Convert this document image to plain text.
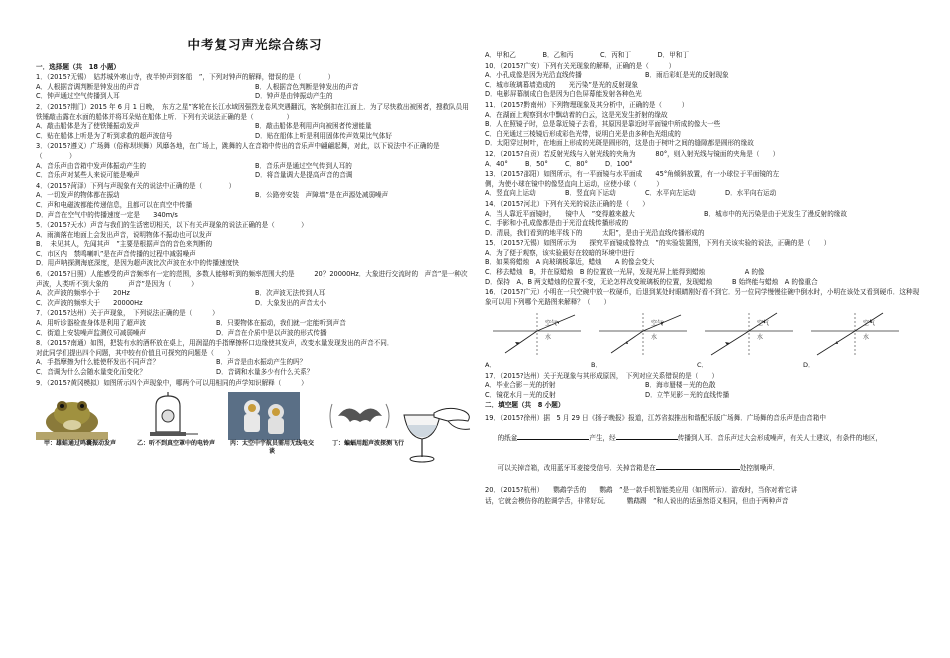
中考复习声光综合练习
一．选择题（共　18 小题）
1．（2015?无锡）　姑苏城外寒山寺，夜半钟声到客船　”，下列对钟声的解释，错误的是（　　　　）
A．人根据音调判断是钟发出的声音	B．人根据音色判断是钟发出的声音
C．钟声通过空气传播到人耳	D．钟声是由钟振动产生的
2．（2015?荆门）2015 年 6 月 1 日晚，　东方之星”客轮在长江水域因强烈龙卷风突遇翻沉，客轮倒扣在江面上．为了尽快救出被困者，搜救队员用铁锤敲击露在水面的船体并将耳朵贴在船体上听．下列有关说法正确的是（　　　　　）
A．敲击船体是为了使铁锤振动发声	B．敲击船体是利用声向被困者传递能量
C．贴在船体上听是为了听到求救的超声波信号	D．贴在船体上听是利用固体传声效果比气体好
3．（2015?遵义）广场舞（俗称坝坝舞）风靡各地，在广场上，跳舞的人在音箱中传出的音乐声中翩翩起舞，对此，以下说法中不正确的是（　　　　）
A．音乐声由音箱中发声体振动产生的	B．音乐声是通过空气传到人耳的
C．音乐声对某些人来说可能是噪声	D．将音量调大是提高声音的音调
4．（2015?菏泽）下列与声现象有关的说法中正确的是（　　　　）
A．一切发声的物体都在振动	B．公路旁安装　声障墙”是在声源处减弱噪声
C．声和电磁波都能传递信息，且都可以在真空中传播
D．声音在空气中的传播速度一定是　　340m/s
5．（2015?天水）声音与我们的生活密切相关，以下有关声现象的说法正确的是（　　　　）
A．雨滴落在地面上会发出声音，说明物体不振动也可以发声
B．　未见其人，先闻其声　”主要是根据声音的音色来判断的
C．市区内　禁鸣喇叭”是在声音传播的过程中减弱噪声
D．用声呐探测海底深度，是因为超声波比次声波在水中的传播速度快
6．（2015?日照）人能感受的声音频率有一定的范围，多数人能够听到的频率范围大约是　　　20？20000Hz．大象进行交流时的　声音”是一种次声波，人类听不到大象的　　　声音”是因为（　　　）
A．次声波的频率小于　　20Hz	B．次声波无法传到人耳
C．次声波的频率大于　　20000Hz	D．大象发出的声音太小
7．（2015?达州）关于声现象，　下列说法正确的是（　　　）
A．用听诊器检查身体是利用了超声波	B．只要物体在振动，我们就一定能听到声音
C．街道上安装噪声监测仪可减弱噪声	D．声音在介质中是以声波的形式传播
8．（2015?南通）如图，把装有水的酒杯放在桌上，用润湿的手指摩擦杯口边缘使其发声，改变水量发现发出的声音不同．对此同学们提出四个问题，其中较有价值且可探究的问题是（　　）
A．手指摩擦为什么能使杯发出不同声音？	B．声音是由水振动产生的吗？
C．音调为什么会随水量变化而变化？	D．音调和水量多少有什么关系？
9．（2015?黄冈模拟）如图所示四个声现象中，哪两个可以用相同的声学知识解释（　　　）
甲：雄蛙通过鸣囊振动发声	乙：听不到真空罩中的电铃声	丙：太空中宇航员需用无线电交谈
丁：蝙蝠用超声波探测飞行
A．甲和乙	B．乙和丙	C．丙和丁	D．甲和丁
10．（2015?广安）下列有关光现象的解释，正确的是（　　　）
A．小孔成像是因为光沿直线传播	B．雨后彩虹是光的反射现象
C．城市玻璃幕墙造成的　　光污染”是光的反射现象
D．电影屏幕制成白色是因为白色屏幕能发射各种色光
11．（2015?黔南州）下列物理现象及其分析中，正确的是（　　　）
A．在湖面上观察到水中飘动着的白云，这是光发生折射的缘故
B．人在照镜子时，总是靠近镜子去看，其原因是靠近时平面镜中所成的像大一些
C．白光通过三棱镜后形成彩色光带，说明白光是由多种色光组成的
D．太阳穿过树叶，在地面上形成的光斑是圆形的，这是由于树叶之间的缝隙都是圆形的缘故
12．（2015?自贡）若反射光线与入射光线的夹角为　　　80°，则入射光线与镜面的夹角是（　　）
A．40°	B．50°	C．80°	D．100°
13．（2015?邵阳）如图所示，有一平面镜与水平面成　　45°角倾斜放置，有一小球位于平面镜的左侧，为使小球在镜中的像竖直向上运动，应使小球（　　　）
A．竖直向上运动	B．竖直向下运动	C．水平向左运动	D．水平向右运动
14．（2015?河北）下列有关光的说法正确的是（　　）
A．当人靠近平面镜时，　　镜中人　”变得越来越大	B．城市中的光污染是由于光发生了漫反射的缘故
C．手影和小孔成像都是由于光沿直线传播形成的
D．清晨，我们看到的地平线下的　　　太阳”，是由于光沿直线传播形成的
15．（2015?无锡）如图所示为　　探究平面镜成像特点　”的实验装置图，下列有关该实验的说法，正确的是（　　）
A．为了便于观察，该实验最好在较暗的环境中进行
B．如果将蜡烛　A 向玻璃板靠近，蜡烛　　A 的像会变大
C．移去蜡烛　B，并在原蜡烛　B 的位置放一光屏，发现光屏上能得到蜡烛　　　　　　A 的像
D．保持　A、B 两支蜡烛的位置不变，无论怎样改变玻璃板的位置，发现蜡烛　　　B 始终能与蜡烛　A 的像重合
16．（2015?广元）小明在一只空碗中放一枚硬币，后退到某处时眼睛刚好看不到它．另一位同学慢慢往碗中倒水时，小明在该处又看到硬币．这种现象可以用下列哪个光路图来解释？（　　）
空气
水
A．
空气
水
B．
空气
水
C．
空气
水
D．
17．（2015?达州）关于光现象与其形成原因，　下列对应关系错误的是（　　）
A．毕业合影－光的折射	B．海市蜃楼－光的色散
C．镜花水月－光的反射	D．立竿见影－光的直线传播
二．填空题（共　8 小题）
19．（2015?徐州）据　5 月 29 日《扬子晚报》报道，江苏省拟推出和谐配乐版广场舞．广场舞的音乐声是由音箱中

的纸盆	产生，经	传播到人耳．音乐声过大会形成噪声，有关人士建议，有条件的地区，

可以关掉音箱，改用蓝牙耳麦接受信号．关掉音箱是在	处控制噪声．

20．（2015?杭州）　　鹦鹉学舌的　　鹦鹉　”是一款手机智能类应用（如图所示）．游戏时，当你对着它讲
话，它就会模仿你的腔调学舌，非常好玩．　　　鹦鹉踢　”和人说出的话虽然语义相同，但由于两种声音
